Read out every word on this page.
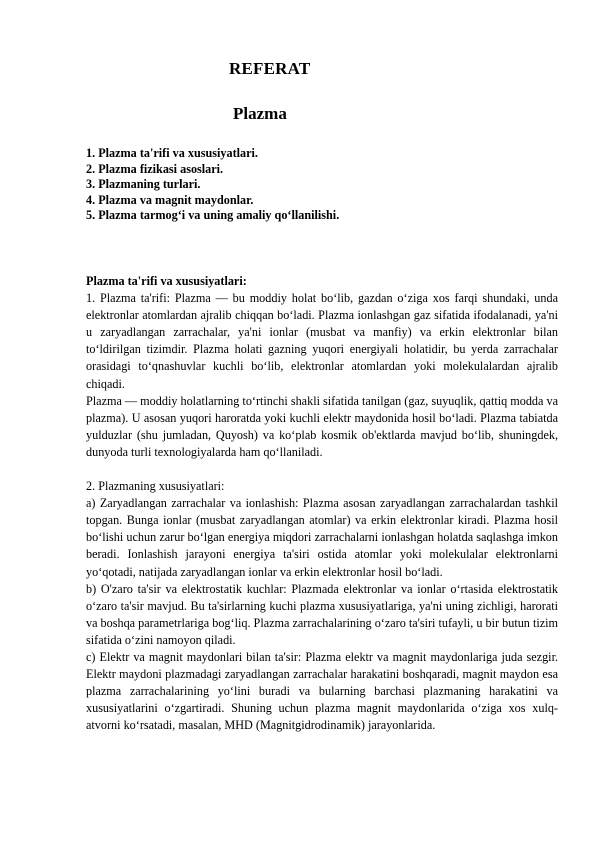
REFERAT
Plazma
1. Plazma ta'rifi va xususiyatlari.
2. Plazma fizikasi asoslari.
3. Plazmaning turlari.
4. Plazma va magnit maydonlar.
5. Plazma tarmog‘i va uning amaliy qo‘llanilishi.

Plazma ta'rifi va xususiyatlari:

1. Plazma ta'rifi: Plazma — bu moddiy holat bo‘lib, gazdan o‘ziga xos farqi shundaki, unda elektronlar atomlardan ajralib chiqqan bo‘ladi. Plazma ionlashgan gaz sifatida ifodalanadi, ya'ni u zaryadlangan zarrachalar, ya'ni ionlar (musbat va manfiy) va erkin elektronlar bilan to‘ldirilgan tizimdir. Plazma holati gazning yuqori energiyali holatidir, bu yerda zarrachalar orasidagi to‘qnashuvlar kuchli bo‘lib, elektronlar atomlardan yoki molekulalardan ajralib chiqadi.

Plazma — moddiy holatlarning to‘rtinchi shakli sifatida tanilgan (gaz, suyuqlik, qattiq modda va plazma). U asosan yuqori haroratda yoki kuchli elektr maydonida hosil bo‘ladi. Plazma tabiatda yulduzlar (shu jumladan, Quyosh) va ko‘plab kosmik ob'ektlarda mavjud bo‘lib, shuningdek, dunyoda turli texnologiyalarda ham qo‘llaniladi.

2. Plazmaning xususiyatlari:

a) Zaryadlangan zarrachalar va ionlashish: Plazma asosan zaryadlangan zarrachalardan tashkil topgan. Bunga ionlar (musbat zaryadlangan atomlar) va erkin elektronlar kiradi. Plazma hosil bo‘lishi uchun zarur bo‘lgan energiya miqdori zarrachalarni ionlashgan holatda saqlashga imkon beradi. Ionlashish jarayoni energiya ta'siri ostida atomlar yoki molekulalar elektronlarni yo‘qotadi, natijada zaryadlangan ionlar va erkin elektronlar hosil bo‘ladi.

b) O'zaro ta'sir va elektrostatik kuchlar: Plazmada elektronlar va ionlar o‘rtasida elektrostatik o‘zaro ta'sir mavjud. Bu ta'sirlarning kuchi plazma xususiyatlariga, ya'ni uning zichligi, harorati va boshqa parametrlariga bog‘liq. Plazma zarrachalarining o‘zaro ta'siri tufayli, u bir butun tizim sifatida o‘zini namoyon qiladi.

c) Elektr va magnit maydonlari bilan ta'sir: Plazma elektr va magnit maydonlariga juda sezgir. Elektr maydoni plazmadagi zaryadlangan zarrachalar harakatini boshqaradi, magnit maydon esa plazma zarrachalarining yo‘lini buradi va bularning barchasi plazmaning harakatini va xususiyatlarini o‘zgartiradi. Shuning uchun plazma magnit maydonlarida o‘ziga xos xulq-atvorni ko‘rsatadi, masalan, MHD (Magnitgidrodinamik) jarayonlarida.
